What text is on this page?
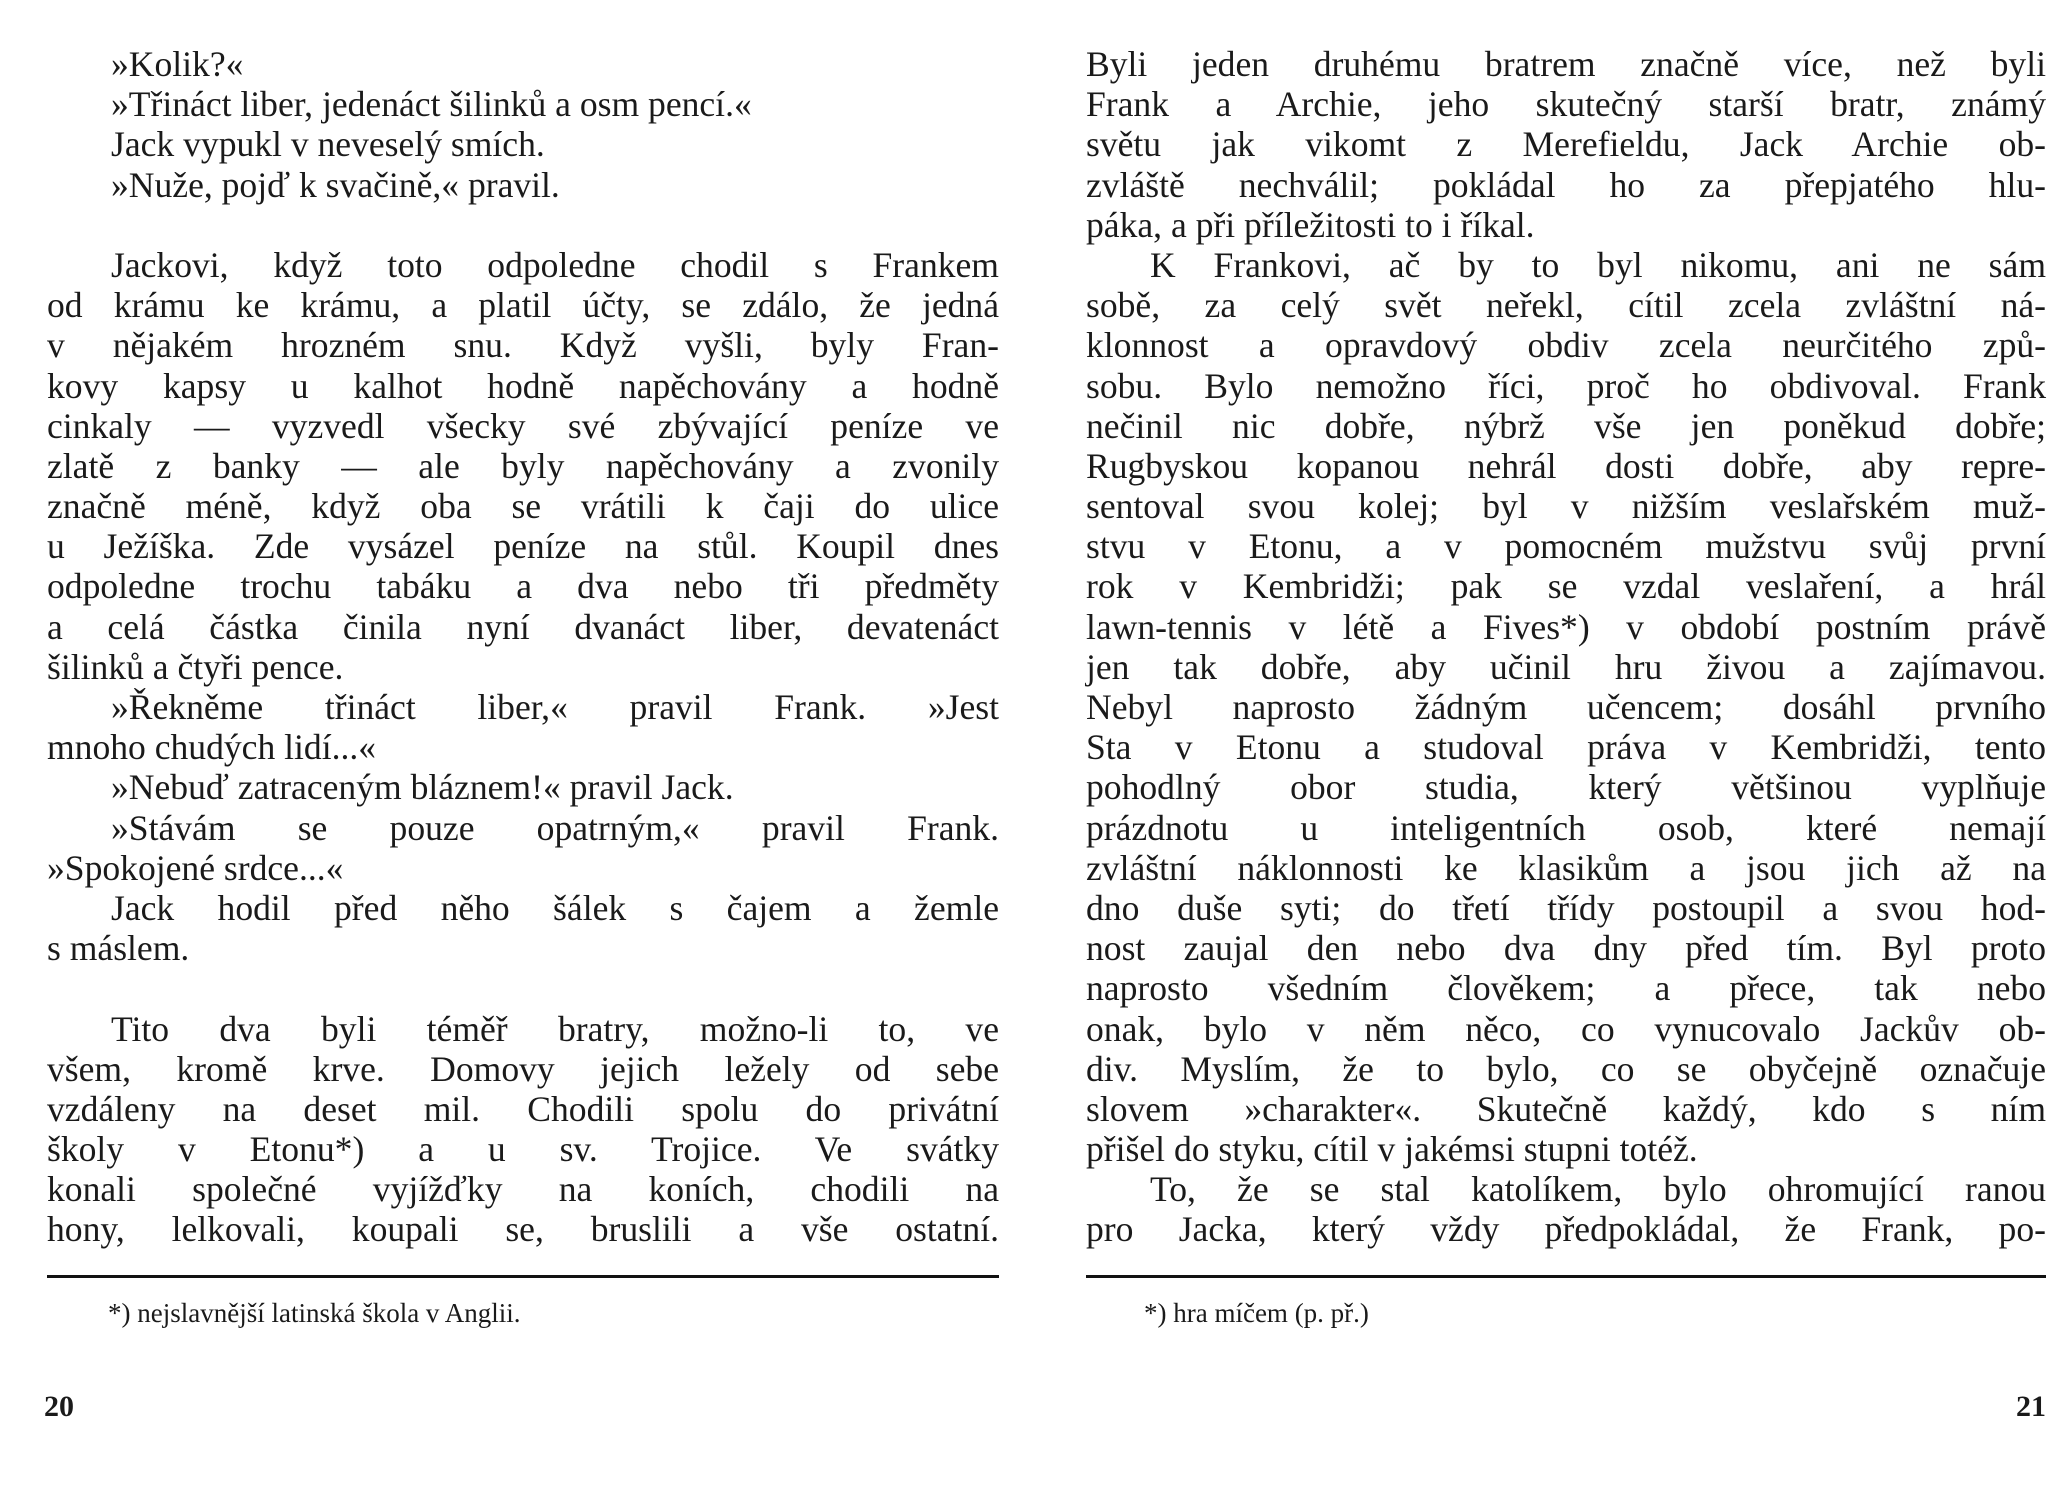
»Kolik?«
»Třináct liber, jedenáct šilinků a osm pencí.«
Jack vypukl v neveselý smích.
»Nuže, pojď k svačině,« pravil.
Jackovi, když toto odpoledne chodil s Frankem
od krámu ke krámu, a platil účty, se zdálo, že jedná
v nějakém hrozném snu. Když vyšli, byly Fran-
kovy kapsy u kalhot hodně napěchovány a hodně
cinkaly — vyzvedl všecky své zbývající peníze ve
zlatě z banky — ale byly napěchovány a zvonily
značně méně, když oba se vrátili k čaji do ulice
u Ježíška. Zde vysázel peníze na stůl. Koupil dnes
odpoledne trochu tabáku a dva nebo tři předměty
a celá částka činila nyní dvanáct liber, devatenáct
šilinků a čtyři pence.
»Řekněme třináct liber,« pravil Frank. »Jest
mnoho chudých lidí...«
»Nebuď zatraceným bláznem!« pravil Jack.
»Stávám se pouze opatrným,« pravil Frank.
»Spokojené srdce...«
Jack hodil před něho šálek s čajem a žemle
s máslem.
Tito dva byli téměř bratry, možno-li to, ve
všem, kromě krve. Domovy jejich ležely od sebe
vzdáleny na deset mil. Chodili spolu do privátní
školy v Etonu*) a u sv. Trojice. Ve svátky
konali společné vyjížďky na koních, chodili na
hony, lelkovali, koupali se, bruslili a vše ostatní.
*) nejslavnější latinská škola v Anglii.
20
Byli jeden druhému bratrem značně více, než byli
Frank a Archie, jeho skutečný starší bratr, známý
světu jak vikomt z Merefieldu, Jack Archie ob-
zvláště nechválil; pokládal ho za přepjatého hlu-
páka, a při příležitosti to i říkal.
K Frankovi, ač by to byl nikomu, ani ne sám
sobě, za celý svět neřekl, cítil zcela zvláštní ná-
klonnost a opravdový obdiv zcela neurčitého způ-
sobu. Bylo nemožno říci, proč ho obdivoval. Frank
nečinil nic dobře, nýbrž vše jen poněkud dobře;
Rugbyskou kopanou nehrál dosti dobře, aby repre-
sentoval svou kolej; byl v nižším veslařském muž-
stvu v Etonu, a v pomocném mužstvu svůj první
rok v Kembridži; pak se vzdal veslaření, a hrál
lawn-tennis v létě a Fives*) v období postním právě
jen tak dobře, aby učinil hru živou a zajímavou.
Nebyl naprosto žádným učencem; dosáhl prvního
Sta v Etonu a studoval práva v Kembridži, tento
pohodlný obor studia, který většinou vyplňuje
prázdnotu u inteligentních osob, které nemají
zvláštní náklonnosti ke klasikům a jsou jich až na
dno duše syti; do třetí třídy postoupil a svou hod-
nost zaujal den nebo dva dny před tím. Byl proto
naprosto všedním člověkem; a přece, tak nebo
onak, bylo v něm něco, co vynucovalo Jackův ob-
div. Myslím, že to bylo, co se obyčejně označuje
slovem »charakter«. Skutečně každý, kdo s ním
přišel do styku, cítil v jakémsi stupni totéž.
To, že se stal katolíkem, bylo ohromující ranou
pro Jacka, který vždy předpokládal, že Frank, po-
*) hra míčem (p. př.)
21
